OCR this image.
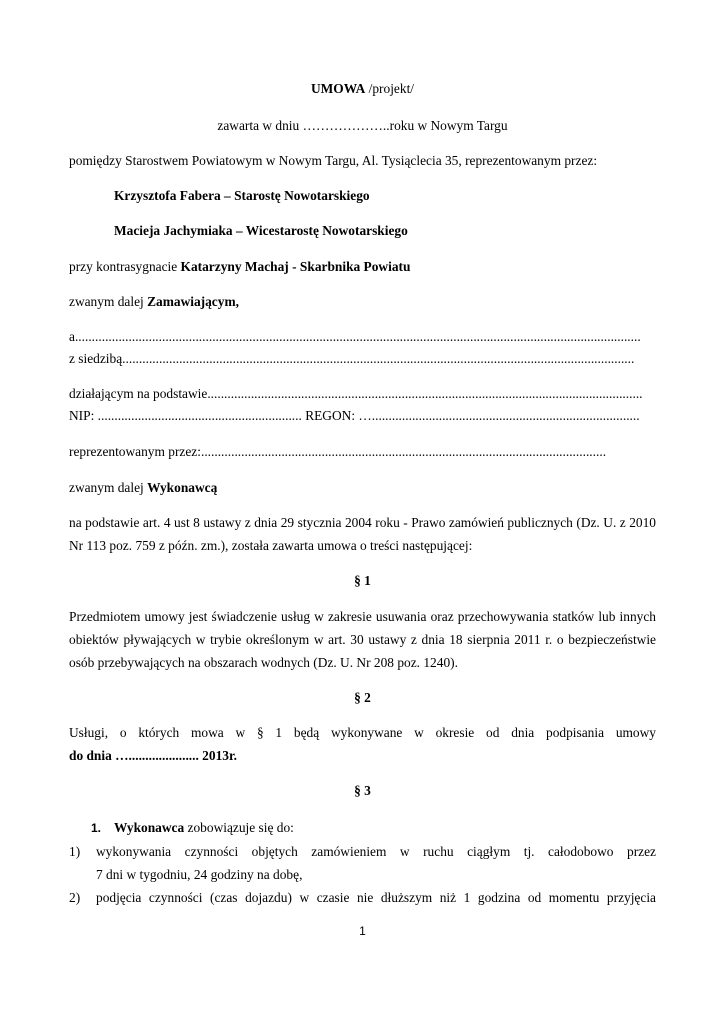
UMOWA /projekt/
zawarta w dniu ………………..roku w Nowym Targu
pomiędzy Starostwem Powiatowym w Nowym Targu, Al. Tysiąclecia 35, reprezentowanym przez:
Krzysztofa Fabera – Starostę Nowotarskiego
Macieja Jachymiaka – Wicestarostę Nowotarskiego
przy kontrasygnacie Katarzyny Machaj - Skarbnika Powiatu
zwanym dalej Zamawiającym,
a.........................................................................................................................................................................
z siedzibą.........................................................................................................................................................
działającym na podstawie..................................................................................................................................
NIP: ............................................................. REGON: …................................................................................
reprezentowanym przez:.........................................................................................................................
zwanym dalej Wykonawcą
na podstawie art. 4 ust 8 ustawy z dnia 29 stycznia 2004 roku - Prawo zamówień publicznych (Dz. U. z 2010
Nr 113 poz. 759 z późn. zm.), została zawarta umowa o treści następującej:
§ 1
Przedmiotem umowy jest świadczenie usług w zakresie usuwania oraz przechowywania statków lub innych
obiektów pływających w trybie określonym w art. 30 ustawy z dnia 18 sierpnia 2011 r. o bezpieczeństwie
osób przebywających na obszarach wodnych (Dz. U. Nr 208 poz. 1240).
§ 2
Usługi, o których mowa w § 1 będą wykonywane w okresie od dnia podpisania umowy
do dnia …..................... 2013r.
§ 3
1. Wykonawca zobowiązuje się do:
1) wykonywania czynności objętych zamówieniem w ruchu ciągłym tj. całodobowo przez
7 dni w tygodniu, 24 godziny na dobę,
2) podjęcia czynności (czas dojazdu) w czasie nie dłuższym niż 1 godzina od momentu przyjęcia
1
